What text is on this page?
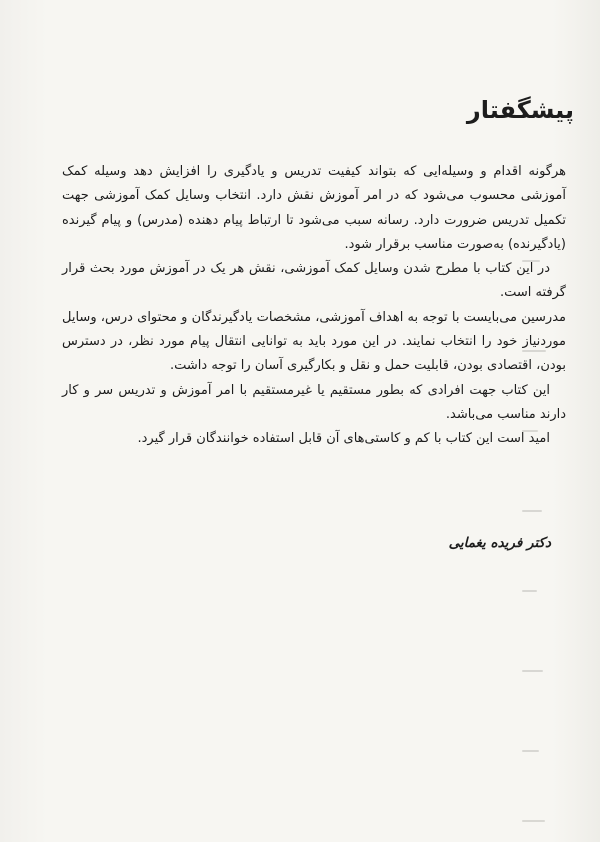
پیشگفتار

هرگونه اقدام و وسیله‌ایی که بتواند کیفیت تدریس و یادگیری را افزایش دهد وسیله کمک آموزشی محسوب می‌شود که در امر آموزش نقش دارد. انتخاب وسایل کمک آموزشی جهت تکمیل تدریس ضرورت دارد. رسانه سبب می‌شود تا ارتباط پیام دهنده (مدرس) و پیام گیرنده (یادگیرنده) به‌صورت مناسب برقرار شود.

در این کتاب با مطرح شدن وسایل کمک آموزشی، نقش هر یک در آموزش مورد بحث قرار گرفته است.

مدرسین می‌بایست با توجه به اهداف آموزشی، مشخصات یادگیرندگان و محتوای درس، وسایل موردنیاز خود را انتخاب نمایند. در این مورد باید به توانایی انتقال پیام مورد نظر، در دسترس بودن، اقتصادی بودن، قابلیت حمل و نقل و بکارگیری آسان را توجه داشت.

این کتاب جهت افرادی که بطور مستقیم یا غیرمستقیم با امر آموزش و تدریس سر و کار دارند مناسب می‌باشد.

امید است این کتاب با کم و کاستی‌های آن قابل استفاده خوانندگان قرار گیرد.

دکتر فریده یغمایی
